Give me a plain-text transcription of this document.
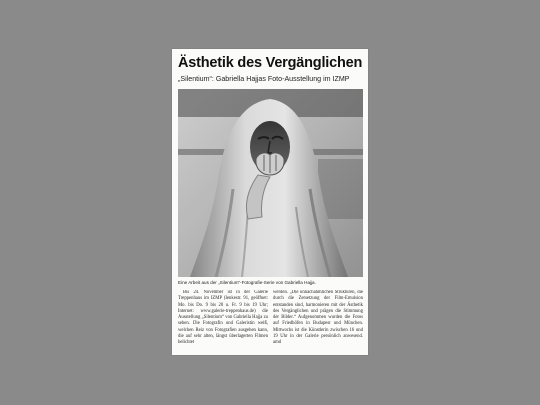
Ästhetik des Vergänglichen
„Silentium“: Gabriella Hajjas Foto-Ausstellung im IZMP
Eine Arbeit aus der „Silentium“-Fotografie-Serie von Gabriella Hajja.

Bis 24. November ist in der Galerie Treppenhaus im IZMP (Ienkestr. 91, geöffnet: Mo. bis Do. 9 bis 20 u. Fr. 9 bis 19 Uhr; Internet: www.galerie-treppenhaus.de) die Ausstellung „Silentium“ von Gabriella Hajja zu sehen. Die Fotografin und Galeristin weiß, welchen Reiz von Fotografien ausgehen kann, die auf sehr alten, längst überlagerten Filmen belichtet

werden. „Die unnachahmlichen Strukturen, die durch die Zersetzung der Film-Emulsion entstanden sind, harmonieren mit der Ästhetik des Vergänglichen und prägen die Stimmung der Bilder.“ Aufgenommen wurden die Fotos auf Friedhöfen in Budapest und München. Mittwochs ist die Künstlerin zwischen 16 und 19 Uhr in der Galerie persönlich anwesend. amd
